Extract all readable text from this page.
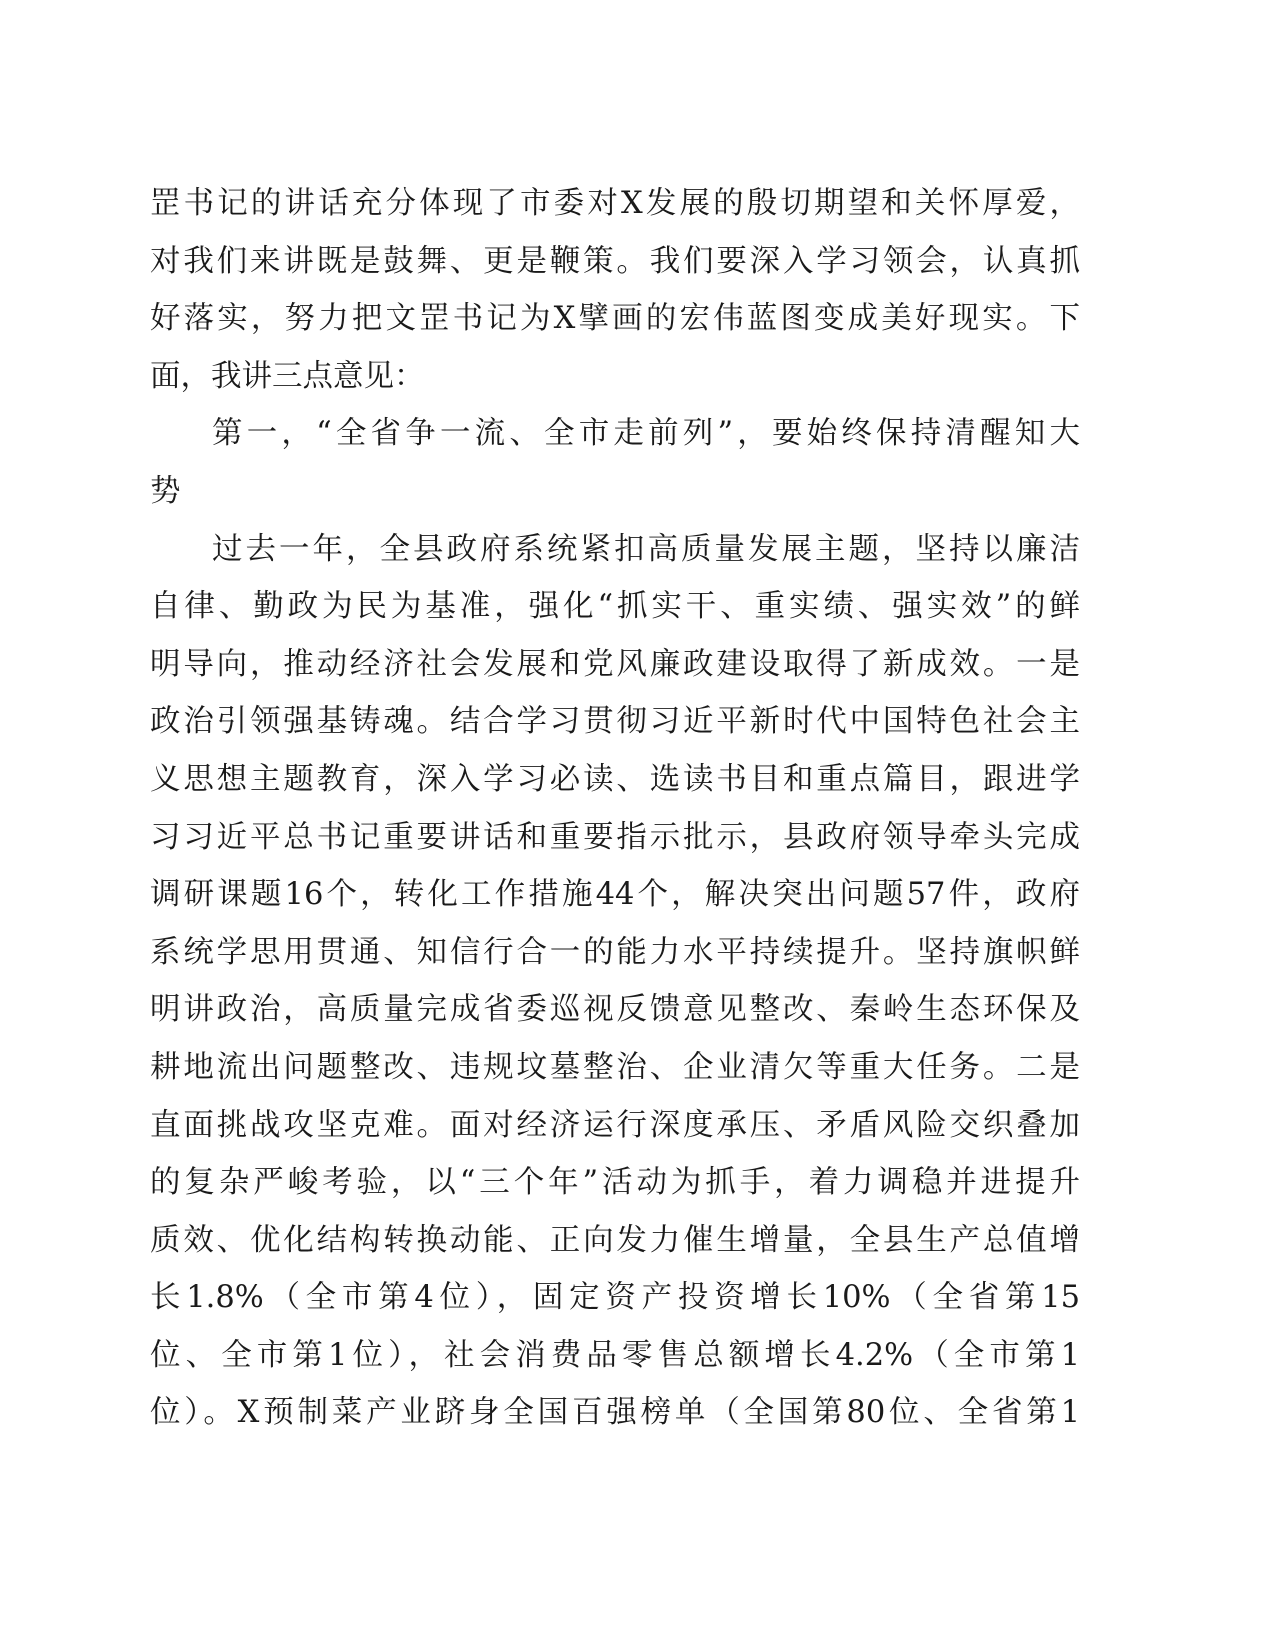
罡书记的讲话充分体现了市委对X发展的殷切期望和关怀厚爱，
对我们来讲既是鼓舞、更是鞭策。我们要深入学习领会，认真抓
好落实，努力把文罡书记为X擘画的宏伟蓝图变成美好现实。下
面，我讲三点意见：
第一，“全省争一流、全市走前列”，要始终保持清醒知大
势
过去一年，全县政府系统紧扣高质量发展主题，坚持以廉洁
自律、勤政为民为基准，强化“抓实干、重实绩、强实效”的鲜
明导向，推动经济社会发展和党风廉政建设取得了新成效。一是
政治引领强基铸魂。结合学习贯彻习近平新时代中国特色社会主
义思想主题教育，深入学习必读、选读书目和重点篇目，跟进学
习习近平总书记重要讲话和重要指示批示，县政府领导牵头完成
调研课题16个，转化工作措施44个，解决突出问题57件，政府
系统学思用贯通、知信行合一的能力水平持续提升。坚持旗帜鲜
明讲政治，高质量完成省委巡视反馈意见整改、秦岭生态环保及
耕地流出问题整改、违规坟墓整治、企业清欠等重大任务。二是
直面挑战攻坚克难。面对经济运行深度承压、矛盾风险交织叠加
的复杂严峻考验，以“三个年”活动为抓手，着力调稳并进提升
质效、优化结构转换动能、正向发力催生增量，全县生产总值增
长1.8%（全市第4位），固定资产投资增长10%（全省第15
位、全市第1位），社会消费品零售总额增长4.2%（全市第1
位）。X预制菜产业跻身全国百强榜单（全国第80位、全省第1
